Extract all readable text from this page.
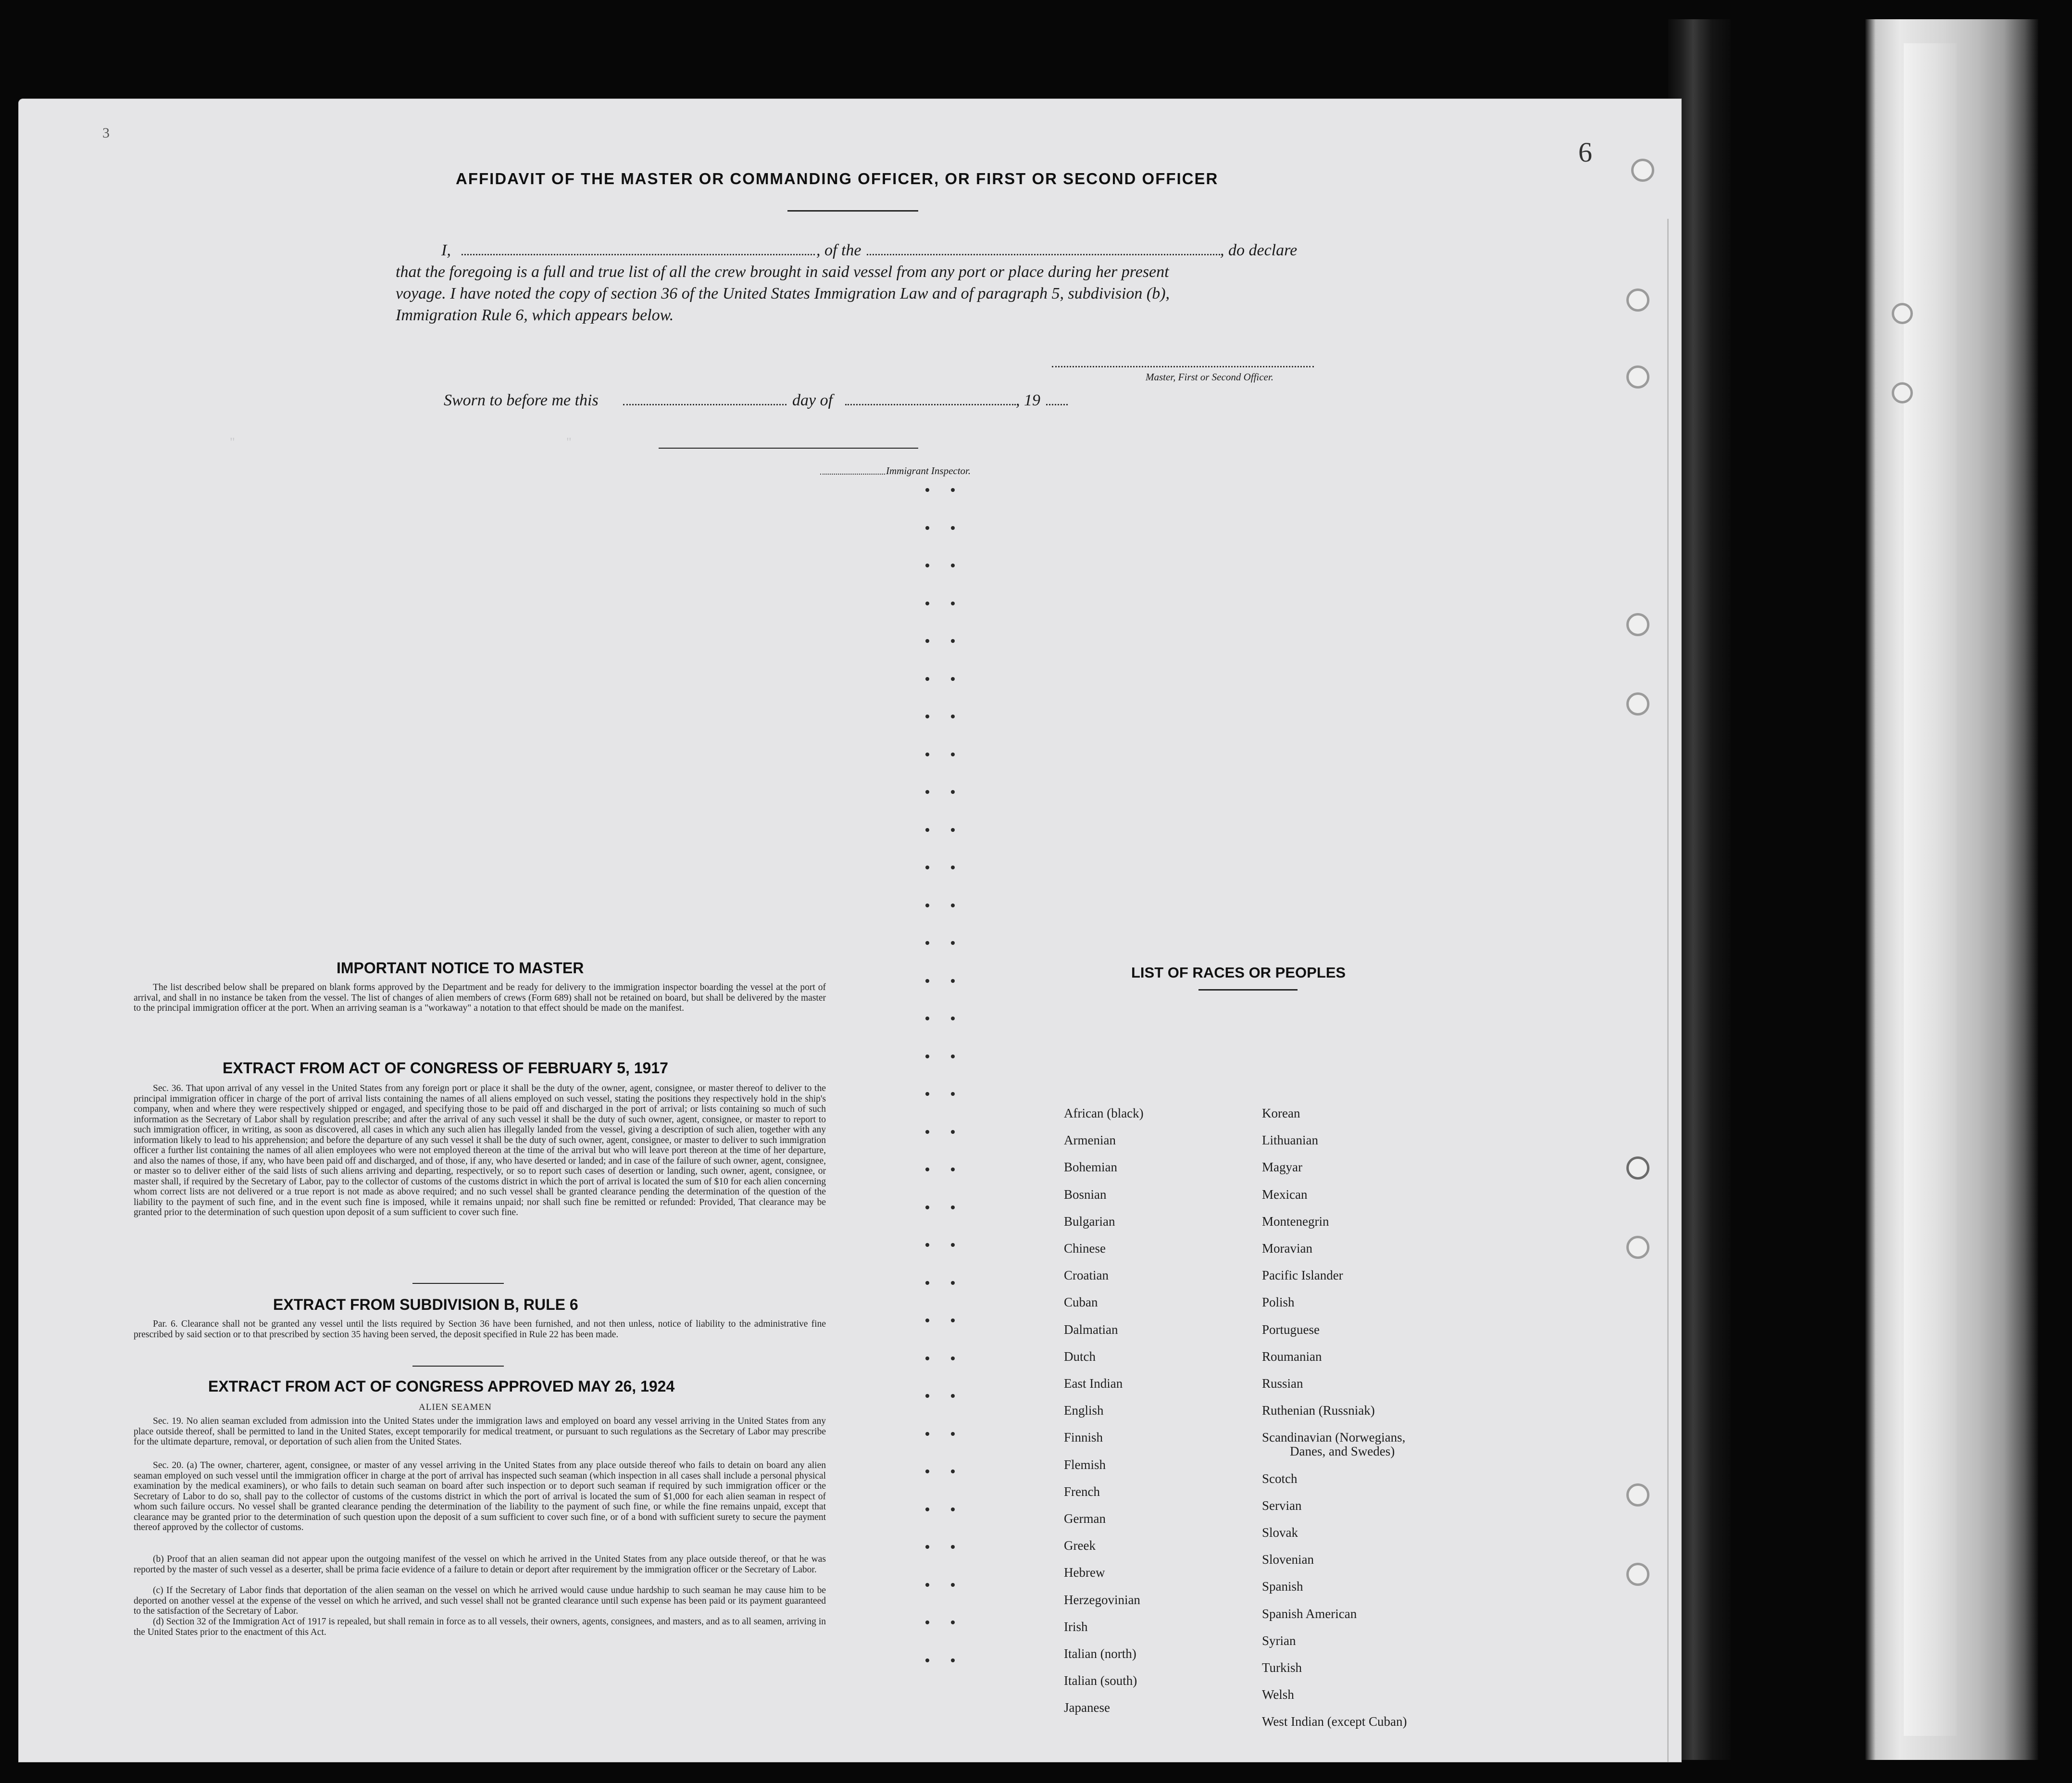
"	"
3
6
AFFIDAVIT OF THE MASTER OR COMMANDING OFFICER, OR FIRST OR SECOND OFFICER
I,	, of the	, do declare
that the foregoing is a full and true list of all the crew brought in said vessel from any port or place during her present
voyage. I have noted the copy of section 36 of the United States Immigration Law and of paragraph 5, subdivision (b),
Immigration Rule 6, which appears below.
Master, First or Second Officer.
Sworn to before me this	day of	, 19
Immigrant Inspector.
IMPORTANT NOTICE TO MASTER
The list described below shall be prepared on blank forms approved by the Department and be ready for delivery to the immigration inspector boarding the vessel at the port of arrival, and shall in no instance be taken from the vessel. The list of changes of alien members of crews (Form 689) shall not be retained on board, but shall be delivered by the master to the principal immigration officer at the port. When an arriving seaman is a "workaway" a notation to that effect should be made on the manifest.
EXTRACT FROM ACT OF CONGRESS OF FEBRUARY 5, 1917
Sec. 36. That upon arrival of any vessel in the United States from any foreign port or place it shall be the duty of the owner, agent, consignee, or master thereof to deliver to the principal immigration officer in charge of the port of arrival lists containing the names of all aliens employed on such vessel, stating the positions they respectively hold in the ship's company, when and where they were respectively shipped or engaged, and specifying those to be paid off and discharged in the port of arrival; or lists containing so much of such information as the Secretary of Labor shall by regulation prescribe; and after the arrival of any such vessel it shall be the duty of such owner, agent, consignee, or master to report to such immigration officer, in writing, as soon as discovered, all cases in which any such alien has illegally landed from the vessel, giving a description of such alien, together with any information likely to lead to his apprehension; and before the departure of any such vessel it shall be the duty of such owner, agent, consignee, or master to deliver to such immigration officer a further list containing the names of all alien employees who were not employed thereon at the time of the arrival but who will leave port thereon at the time of her departure, and also the names of those, if any, who have been paid off and discharged, and of those, if any, who have deserted or landed; and in case of the failure of such owner, agent, consignee, or master so to deliver either of the said lists of such aliens arriving and departing, respectively, or so to report such cases of desertion or landing, such owner, agent, consignee, or master shall, if required by the Secretary of Labor, pay to the collector of customs of the customs district in which the port of arrival is located the sum of $10 for each alien concerning whom correct lists are not delivered or a true report is not made as above required; and no such vessel shall be granted clearance pending the determination of the question of the liability to the payment of such fine, and in the event such fine is imposed, while it remains unpaid; nor shall such fine be remitted or refunded: Provided, That clearance may be granted prior to the determination of such question upon deposit of a sum sufficient to cover such fine.
EXTRACT FROM SUBDIVISION B, RULE 6
Par. 6. Clearance shall not be granted any vessel until the lists required by Section 36 have been furnished, and not then unless, notice of liability to the administrative fine prescribed by said section or to that prescribed by section 35 having been served, the deposit specified in Rule 22 has been made.
EXTRACT FROM ACT OF CONGRESS APPROVED MAY 26, 1924
ALIEN SEAMEN
Sec. 19. No alien seaman excluded from admission into the United States under the immigration laws and employed on board any vessel arriving in the United States from any place outside thereof, shall be permitted to land in the United States, except temporarily for medical treatment, or pursuant to such regulations as the Secretary of Labor may prescribe for the ultimate departure, removal, or deportation of such alien from the United States.
Sec. 20. (a) The owner, charterer, agent, consignee, or master of any vessel arriving in the United States from any place outside thereof who fails to detain on board any alien seaman employed on such vessel until the immigration officer in charge at the port of arrival has inspected such seaman (which inspection in all cases shall include a personal physical examination by the medical examiners), or who fails to detain such seaman on board after such inspection or to deport such seaman if required by such immigration officer or the Secretary of Labor to do so, shall pay to the collector of customs of the customs district in which the port of arrival is located the sum of $1,000 for each alien seaman in respect of whom such failure occurs. No vessel shall be granted clearance pending the determination of the liability to the payment of such fine, or while the fine remains unpaid, except that clearance may be granted prior to the determination of such question upon the deposit of a sum sufficient to cover such fine, or of a bond with sufficient surety to secure the payment thereof approved by the collector of customs.
(b) Proof that an alien seaman did not appear upon the outgoing manifest of the vessel on which he arrived in the United States from any place outside thereof, or that he was reported by the master of such vessel as a deserter, shall be prima facie evidence of a failure to detain or deport after requirement by the immigration officer or the Secretary of Labor.
(c) If the Secretary of Labor finds that deportation of the alien seaman on the vessel on which he arrived would cause undue hardship to such seaman he may cause him to be deported on another vessel at the expense of the vessel on which he arrived, and such vessel shall not be granted clearance until such expense has been paid or its payment guaranteed to the satisfaction of the Secretary of Labor.
(d) Section 32 of the Immigration Act of 1917 is repealed, but shall remain in force as to all vessels, their owners, agents, consignees, and masters, and as to all seamen, arriving in the United States prior to the enactment of this Act.
LIST OF RACES OR PEOPLES
African (black)
Armenian
Bohemian
Bosnian
Bulgarian
Chinese
Croatian
Cuban
Dalmatian
Dutch
East Indian
English
Finnish
Flemish
French
German
Greek
Hebrew
Herzegovinian
Irish
Italian (north)
Italian (south)
Japanese
Korean
Lithuanian
Magyar
Mexican
Montenegrin
Moravian
Pacific Islander
Polish
Portuguese
Roumanian
Russian
Ruthenian (Russniak)
Scandinavian (Norwegians,
Danes, and Swedes)
Scotch
Servian
Slovak
Slovenian
Spanish
Spanish American
Syrian
Turkish
Welsh
West Indian (except Cuban)
